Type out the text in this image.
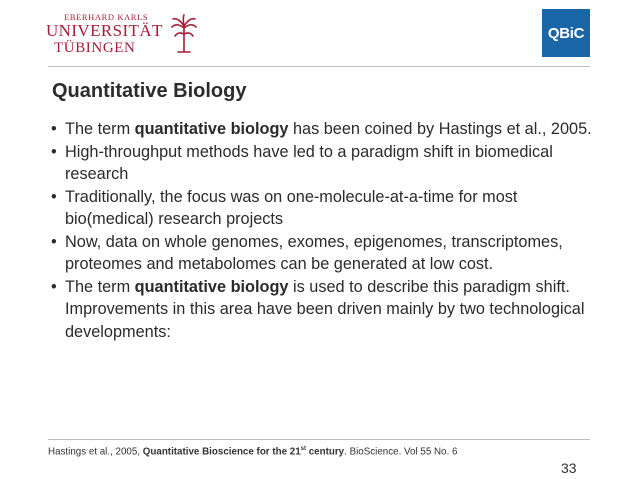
EBERHARD KARLS
UNIVERSITÄT
TÜBINGEN
QBiC
Quantitative Biology
• The term quantitative biology has been coined by Hastings et al., 2005.
• High-throughput methods have led to a paradigm shift in biomedical research
• Traditionally, the focus was on one-molecule-at-a-time for most bio(medical) research projects
• Now, data on whole genomes, exomes, epigenomes, transcriptomes, proteomes and metabolomes can be generated at low cost.
• The term quantitative biology is used to describe this paradigm shift. Improvements in this area have been driven mainly by two technological developments:
Hastings et al., 2005, Quantitative Bioscience for the 21st century. BioScience. Vol 55 No. 6
33
